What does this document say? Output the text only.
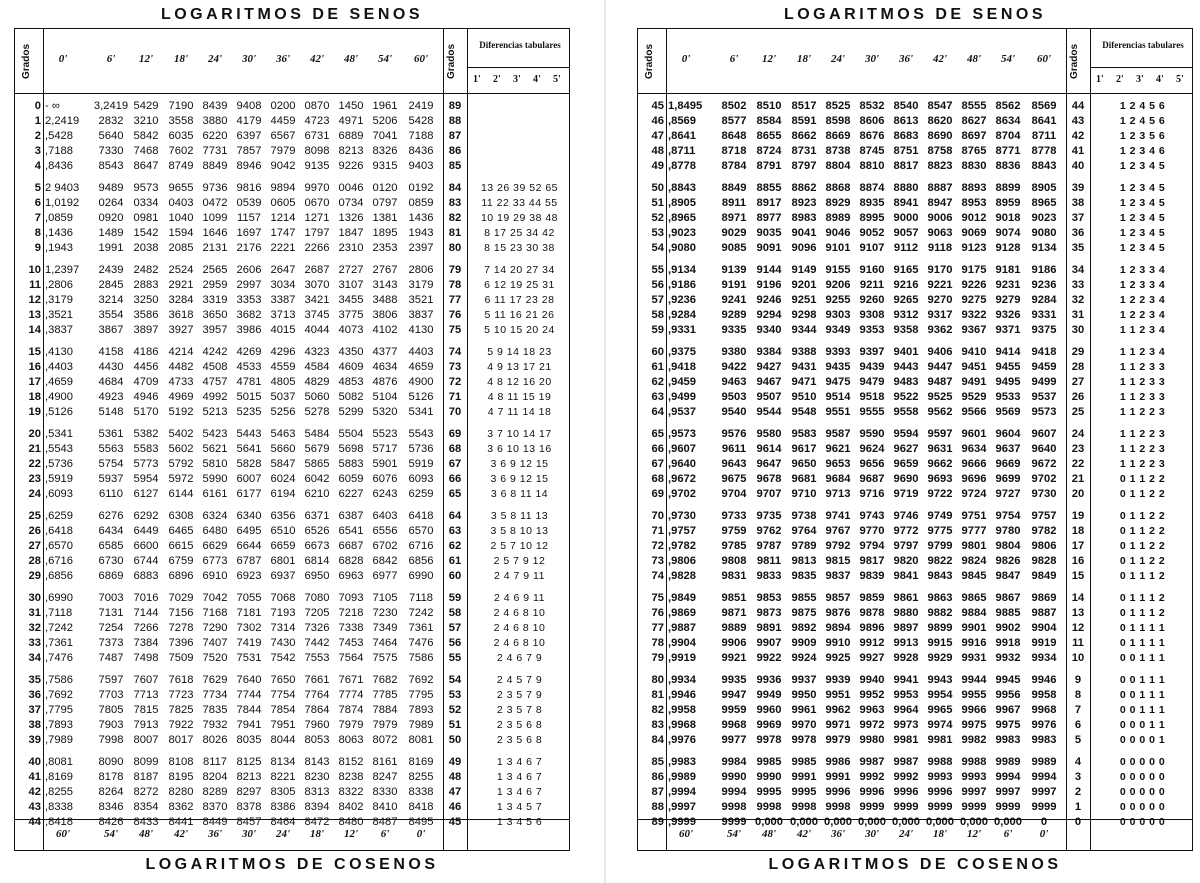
LOGARITMOS DE SENOS
Grados	Grados	Diferencias tabulares
0'	6'	12'	18'	24'	30'	36'	42'	48'	54'	60'
1' 2' 3' 4' 5'
60'	54'	48'	42'	36'	30'	24'	18'	12'	6'	0'
0 - ∞	3,2419 5429 7190 8439 9408 0200 0870 1450 1961 2419	89
1 2,2419	2832 3210 3558 3880 4179 4459 4723 4971 5206 5428	88
2 ,5428	5640 5842 6035 6220 6397 6567 6731 6889 7041 7188	87
3 ,7188	7330 7468 7602 7731 7857 7979 8098 8213 8326 8436	86
4 ,8436	8543 8647 8749 8849 8946 9042 9135 9226 9315 9403	85
5 2 9403	9489 9573 9655 9736 9816 9894 9970 0046 0120 0192	84	13 26 39 52 65
6 1,0192	0264 0334 0403 0472 0539 0605 0670 0734 0797 0859	83	11 22 33 44 55
7 ,0859	0920 0981 1040 1099 1157 1214 1271 1326 1381 1436	82	10 19 29 38 48
8 ,1436	1489 1542 1594 1646 1697 1747 1797 1847 1895 1943	81	8 17 25 34 42
9 ,1943	1991 2038 2085 2131 2176 2221 2266 2310 2353 2397	80	8 15 23 30 38
10 1,2397	2439 2482 2524 2565 2606 2647 2687 2727 2767 2806	79	7 14 20 27 34
11 ,2806	2845 2883 2921 2959 2997 3034 3070 3107 3143 3179	78	6 12 19 25 31
12 ,3179	3214 3250 3284 3319 3353 3387 3421 3455 3488 3521	77	6 11 17 23 28
13 ,3521	3554 3586 3618 3650 3682 3713 3745 3775 3806 3837	76	5 11 16 21 26
14 ,3837	3867 3897 3927 3957 3986 4015 4044 4073 4102 4130	75	5 10 15 20 24
15 ,4130	4158 4186 4214 4242 4269 4296 4323 4350 4377 4403	74	5 9 14 18 23
16 ,4403	4430 4456 4482 4508 4533 4559 4584 4609 4634 4659	73	4 9 13 17 21
17 ,4659	4684 4709 4733 4757 4781 4805 4829 4853 4876 4900	72	4 8 12 16 20
18 ,4900	4923 4946 4969 4992 5015 5037 5060 5082 5104 5126	71	4 8 11 15 19
19 ,5126	5148 5170 5192 5213 5235 5256 5278 5299 5320 5341	70	4 7 11 14 18
20 ,5341	5361 5382 5402 5423 5443 5463 5484 5504 5523 5543	69	3 7 10 14 17
21 ,5543	5563 5583 5602 5621 5641 5660 5679 5698 5717 5736	68	3 6 10 13 16
22 ,5736	5754 5773 5792 5810 5828 5847 5865 5883 5901 5919	67	3 6 9 12 15
23 ,5919	5937 5954 5972 5990 6007 6024 6042 6059 6076 6093	66	3 6 9 12 15
24 ,6093	6110 6127 6144 6161 6177 6194 6210 6227 6243 6259	65	3 6 8 11 14
25 ,6259	6276 6292 6308 6324 6340 6356 6371 6387 6403 6418	64	3 5 8 11 13
26 ,6418	6434 6449 6465 6480 6495 6510 6526 6541 6556 6570	63	3 5 8 10 13
27 ,6570	6585 6600 6615 6629 6644 6659 6673 6687 6702 6716	62	2 5 7 10 12
28 ,6716	6730 6744 6759 6773 6787 6801 6814 6828 6842 6856	61	2 5 7 9 12
29 ,6856	6869 6883 6896 6910 6923 6937 6950 6963 6977 6990	60	2 4 7 9 11
30 ,6990	7003 7016 7029 7042 7055 7068 7080 7093 7105	7118	59	2 4 6 9 11
31 ,7118	7131 7144 7156 7168 7181 7193 7205 7218 7230 7242	58	2 4 6 8 10
32 ,7242	7254 7266 7278 7290 7302 7314 7326 7338 7349 7361	57	2 4 6 8 10
33 ,7361	7373 7384 7396 7407 7419 7430 7442 7453 7464 7476	56	2 4 6 8 10
34 ,7476	7487 7498 7509 7520 7531 7542 7553 7564 7575 7586	55	2 4 6 7 9
35 ,7586	7597 7607 7618 7629 7640 7650 7661 7671 7682 7692	54	2 4 5 7 9
36 ,7692	7703 7713 7723 7734 7744 7754 7764 7774 7785 7795	53	2 3 5 7 9
37 ,7795	7805 7815 7825 7835 7844 7854 7864 7874 7884 7893	52	2 3 5 7 8
38 ,7893	7903 7913 7922 7932 7941 7951 7960 7979 7979 7989	51	2 3 5 6 8
39 ,7989	7998 8007 8017 8026 8035 8044 8053 8063 8072 8081	50	2 3 5 6 8
40 ,8081	8090 8099 8108 8117 8125 8134 8143 8152 8161 8169	49	1 3 4 6 7
41 ,8169	8178 8187 8195 8204 8213 8221 8230 8238 8247 8255	48	1 3 4 6 7
42 ,8255	8264 8272 8280 8289 8297 8305 8313 8322 8330 8338	47	1 3 4 6 7
43 ,8338	8346 8354 8362 8370 8378 8386 8394 8402 8410 8418	46	1 3 4 5 7
44 ,8418	8426 8433 8441 8449 8457 8464 8472 8480 8487 8495	45	1 3 4 5 6
LOGARITMOS DE COSENOS
LOGARITMOS DE SENOS
Grados	Grados	Diferencias tabulares
0'	6'	12'	18'	24'	30'	36'	42'	48'	54'	60'
1' 2' 3' 4' 5'
60'	54'	48'	42'	36'	30'	24'	18'	12'	6'	0'
45 1,8495	8502 8510 8517 8525 8532 8540 8547 8555 8562 8569	44	1 2 4 5 6
46 ,8569	8577 8584 8591 8598 8606 8613 8620 8627 8634 8641	43	1 2 4 5 6
47 ,8641	8648 8655 8662 8669 8676 8683 8690 8697 8704	8711	42	1 2 3 5 6
48 ,8711	8718 8724 8731 8738 8745 8751 8758 8765 8771 8778	41	1 2 3 4 6
49 ,8778	8784 8791 8797 8804 8810 8817 8823 8830 8836 8843	40	1 2 3 4 5
50 ,8843	8849 8855 8862 8868 8874 8880 8887 8893 8899 8905	39	1 2 3 4 5
51 ,8905	8911 8917 8923 8929 8935 8941 8947 8953 8959 8965	38	1 2 3 4 5
52 ,8965	8971 8977 8983 8989 8995 9000 9006 9012 9018 9023	37	1 2 3 4 5
53 ,9023	9029 9035 9041 9046 9052 9057 9063 9069 9074 9080	36	1 2 3 4 5
54 ,9080	9085 9091 9096 9101 9107 9112 9118 9123 9128 9134	35	1 2 3 4 5
55 ,9134	9139 9144 9149 9155 9160 9165 9170 9175 9181 9186	34	1 2 3 3 4
56 ,9186	9191 9196 9201 9206 9211 9216 9221 9226 9231 9236	33	1 2 3 3 4
57 ,9236	9241 9246 9251 9255 9260 9265 9270 9275 9279 9284	32	1 2 2 3 4
58 ,9284	9289 9294 9298 9303 9308 9312 9317 9322 9326 9331	31	1 2 2 3 4
59 ,9331	9335 9340 9344 9349 9353 9358 9362 9367 9371 9375	30	1 1 2 3 4
60 ,9375	9380 9384 9388 9393 9397 9401 9406 9410 9414 9418	29	1 1 2 3 4
61 ,9418	9422 9427 9431 9435 9439 9443 9447 9451 9455 9459	28	1 1 2 3 3
62 ,9459	9463 9467 9471 9475 9479 9483 9487 9491 9495 9499	27	1 1 2 3 3
63 ,9499	9503 9507 9510 9514 9518 9522 9525 9529 9533 9537	26	1 1 2 3 3
64 ,9537	9540 9544 9548 9551 9555 9558 9562 9566 9569 9573	25	1 1 2 2 3
65 ,9573	9576 9580 9583 9587 9590 9594 9597 9601 9604 9607	24	1 1 2 2 3
66 ,9607	9611 9614 9617 9621 9624 9627 9631 9634 9637 9640	23	1 1 2 2 3
67 ,9640	9643 9647 9650 9653 9656 9659 9662 9666 9669 9672	22	1 1 2 2 3
68 ,9672	9675 9678 9681 9684 9687 9690 9693 9696 9699 9702	21	0 1 1 2 2
69 ,9702	9704 9707 9710 9713 9716 9719 9722 9724 9727 9730	20	0 1 1 2 2
70 ,9730	9733 9735 9738 9741 9743 9746 9749 9751 9754 9757	19	0 1 1 2 2
71 ,9757	9759 9762 9764 9767 9770 9772 9775 9777 9780 9782	18	0 1 1 2 2
72 ,9782	9785 9787 9789 9792 9794 9797 9799 9801 9804 9806	17	0 1 1 2 2
73 ,9806	9808 9811 9813 9815 9817 9820 9822 9824 9826 9828	16	0 1 1 2 2
74 ,9828	9831 9833 9835 9837 9839 9841 9843 9845 9847 9849	15	0 1 1 1 2
75 ,9849	9851 9853 9855 9857 9859 9861 9863 9865 9867 9869	14	0 1 1 1 2
76 ,9869	9871 9873 9875 9876 9878 9880 9882 9884 9885 9887	13	0 1 1 1 2
77 ,9887	9889 9891 9892 9894 9896 9897 9899 9901 9902 9904	12	0 1 1 1 1
78 ,9904	9906 9907 9909 9910 9912 9913 9915 9916 9918 9919	11	0 1 1 1 1
79 ,9919	9921 9922 9924 9925 9927 9928 9929 9931 9932 9934	10	0 0 1 1 1
80 ,9934	9935 9936 9937 9939 9940 9941 9943 9944 9945 9946	9	0 0 1 1 1
81 ,9946	9947 9949 9950 9951 9952 9953 9954 9955 9956 9958	8	0 0 1 1 1
82 ,9958	9959 9960 9961 9962 9963 9964 9965 9966 9967 9968	7	0 0 1 1 1
83 ,9968	9968 9969 9970 9971 9972 9973 9974 9975 9975 9976	6	0 0 0 1 1
84 ,9976	9977 9978 9978 9979 9980 9981 9981 9982 9983 9983	5	0 0 0 0 1
85 ,9983	9984 9985 9985 9986 9987 9987 9988 9988 9989 9989	4	0 0 0 0 0
86 ,9989	9990 9990 9991 9991 9992 9992 9993 9993 9994 9994	3	0 0 0 0 0
87 ,9994	9994 9995 9995 9996 9996 9996 9996 9997 9997 9997	2	0 0 0 0 0
88 ,9997	9998 9998 9998 9998 9999 9999 9999 9999 9999 9999	1	0 0 0 0 0
89 ,9999	9999 0,000 0,000 0,000 0,000 0,000 0,000 0,000 0,000	0	0	0 0 0 0 0
LOGARITMOS DE COSENOS
